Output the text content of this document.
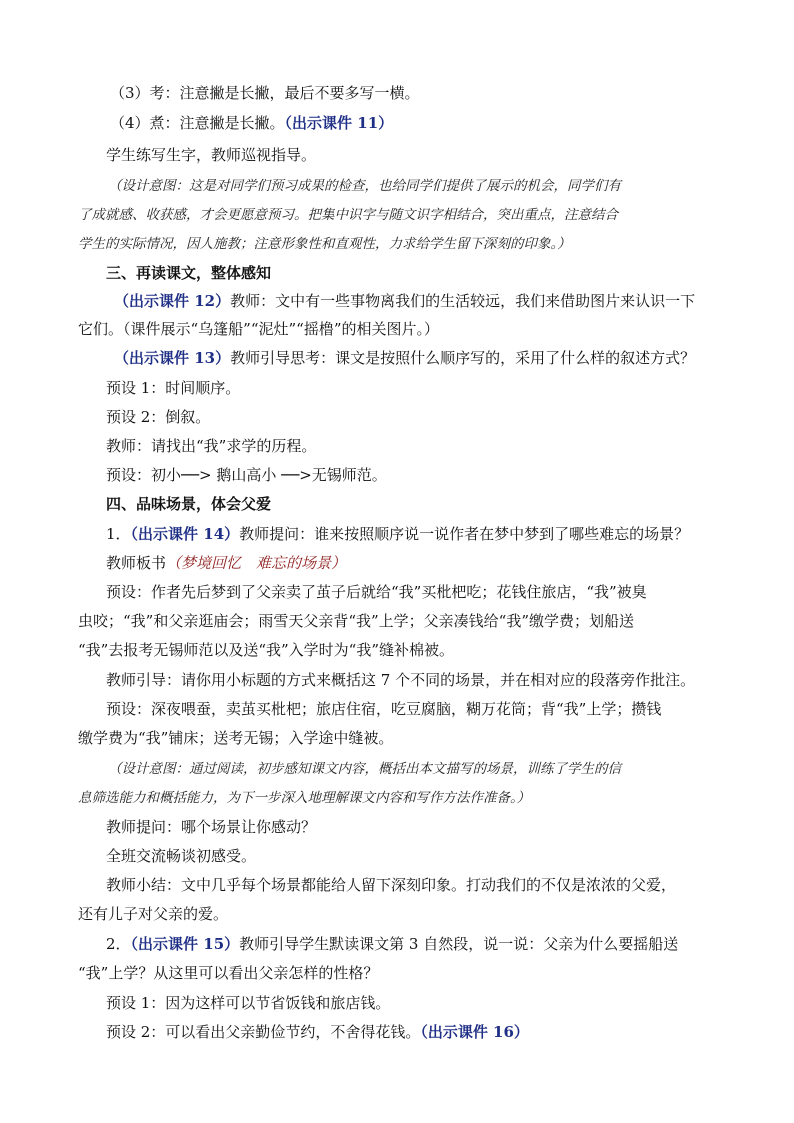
（3）考：注意撇是长撇，最后不要多写一横。
（4）煮：注意撇是长撇。（出示课件 11）
学生练写生字，教师巡视指导。
（设计意图：这是对同学们预习成果的检查，也给同学们提供了展示的机会，同学们有
了成就感、收获感，才会更愿意预习。把集中识字与随文识字相结合，突出重点，注意结合
学生的实际情况，因人施教；注意形象性和直观性，力求给学生留下深刻的印象。）
三、再读课文，整体感知
（出示课件 12）教师：文中有一些事物离我们的生活较远，我们来借助图片来认识一下
它们。（课件展示“乌篷船”“泥灶”“摇橹”的相关图片。）
（出示课件 13）教师引导思考：课文是按照什么顺序写的，采用了什么样的叙述方式？
预设 1：时间顺序。
预设 2：倒叙。
教师：请找出“我”求学的历程。
预设：初小──> 鹅山高小 ──>无锡师范。
四、品味场景，体会父爱
1．（出示课件 14）教师提问：谁来按照顺序说一说作者在梦中梦到了哪些难忘的场景？
教师板书（梦境回忆　难忘的场景）
预设：作者先后梦到了父亲卖了茧子后就给“我”买枇杷吃；花钱住旅店，“我”被臭
虫咬；“我”和父亲逛庙会；雨雪天父亲背“我”上学；父亲凑钱给“我”缴学费；划船送
“我”去报考无锡师范以及送“我”入学时为“我”缝补棉被。
教师引导：请你用小标题的方式来概括这 7 个不同的场景，并在相对应的段落旁作批注。
预设：深夜喂蚕，卖茧买枇杷；旅店住宿，吃豆腐脑，糊万花筒；背“我”上学；攒钱
缴学费为“我”铺床；送考无锡；入学途中缝被。
（设计意图：通过阅读，初步感知课文内容，概括出本文描写的场景，训练了学生的信
息筛选能力和概括能力，为下一步深入地理解课文内容和写作方法作准备。）
教师提问：哪个场景让你感动？
全班交流畅谈初感受。
教师小结：文中几乎每个场景都能给人留下深刻印象。打动我们的不仅是浓浓的父爱，
还有儿子对父亲的爱。
2．（出示课件 15）教师引导学生默读课文第 3 自然段，说一说：父亲为什么要摇船送
“我”上学？从这里可以看出父亲怎样的性格？
预设 1：因为这样可以节省饭钱和旅店钱。
预设 2：可以看出父亲勤俭节约，不舍得花钱。（出示课件 16）
